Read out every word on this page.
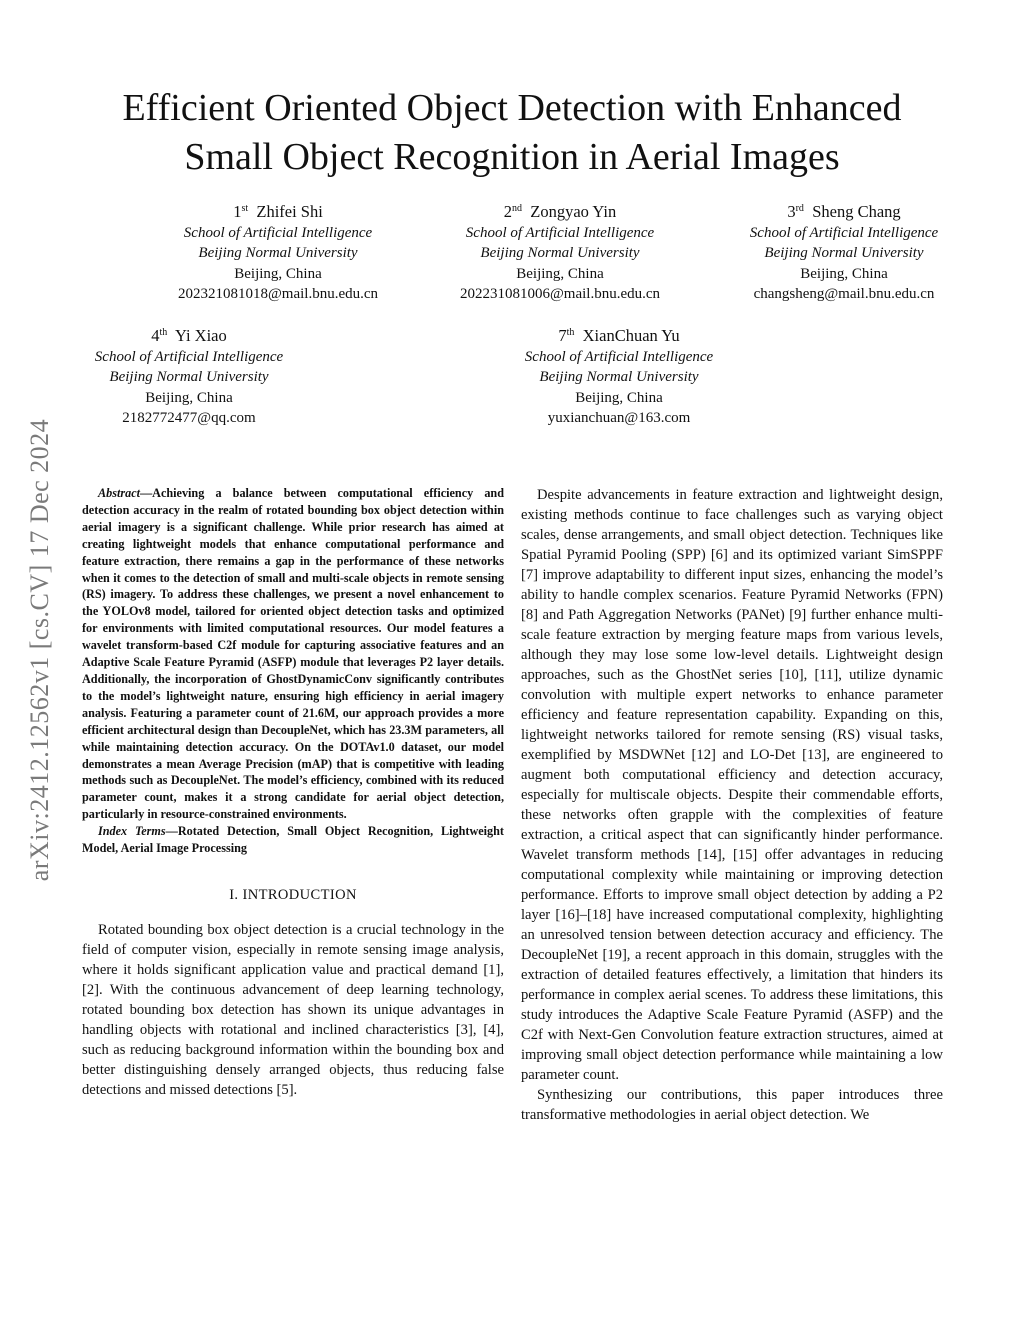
arXiv:2412.12562v1 [cs.CV] 17 Dec 2024
Efficient Oriented Object Detection with Enhanced
Small Object Recognition in Aerial Images
1st Zhifei Shi
School of Artificial Intelligence
Beijing Normal University
Beijing, China
202321081018@mail.bnu.edu.cn
2nd Zongyao Yin
School of Artificial Intelligence
Beijing Normal University
Beijing, China
202231081006@mail.bnu.edu.cn
3rd Sheng Chang
School of Artificial Intelligence
Beijing Normal University
Beijing, China
changsheng@mail.bnu.edu.cn
4th Yi Xiao
School of Artificial Intelligence
Beijing Normal University
Beijing, China
2182772477@qq.com
7th XianChuan Yu
School of Artificial Intelligence
Beijing Normal University
Beijing, China
yuxianchuan@163.com

Abstract—Achieving a balance between computational efficiency and detection accuracy in the realm of rotated bounding box object detection within aerial imagery is a significant challenge. While prior research has aimed at creating lightweight models that enhance computational performance and feature extraction, there remains a gap in the performance of these networks when it comes to the detection of small and multi-scale objects in remote sensing (RS) imagery. To address these challenges, we present a novel enhancement to the YOLOv8 model, tailored for oriented object detection tasks and optimized for environments with limited computational resources. Our model features a wavelet transform-based C2f module for capturing associative features and an Adaptive Scale Feature Pyramid (ASFP) module that leverages P2 layer details. Additionally, the incorporation of GhostDynamicConv significantly contributes to the model’s lightweight nature, ensuring high efficiency in aerial imagery analysis. Featuring a parameter count of 21.6M, our approach provides a more efficient architectural design than DecoupleNet, which has 23.3M parameters, all while maintaining detection accuracy. On the DOTAv1.0 dataset, our model demonstrates a mean Average Precision (mAP) that is competitive with leading methods such as DecoupleNet. The model’s efficiency, combined with its reduced parameter count, makes it a strong candidate for aerial object detection, particularly in resource-constrained environments.

Index Terms—Rotated Detection, Small Object Recognition, Lightweight Model, Aerial Image Processing
I. INTRODUCTION

Rotated bounding box object detection is a crucial technology in the field of computer vision, especially in remote sensing image analysis, where it holds significant application value and practical demand [1], [2]. With the continuous advancement of deep learning technology, rotated bounding box detection has shown its unique advantages in handling objects with rotational and inclined characteristics [3], [4], such as reducing background information within the bounding box and better distinguishing densely arranged objects, thus reducing false detections and missed detections [5].

Despite advancements in feature extraction and lightweight design, existing methods continue to face challenges such as varying object scales, dense arrangements, and small object detection. Techniques like Spatial Pyramid Pooling (SPP) [6] and its optimized variant SimSPPF [7] improve adaptability to different input sizes, enhancing the model’s ability to handle complex scenarios. Feature Pyramid Networks (FPN) [8] and Path Aggregation Networks (PANet) [9] further enhance multi-scale feature extraction by merging feature maps from various levels, although they may lose some low-level details. Lightweight design approaches, such as the GhostNet series [10], [11], utilize dynamic convolution with multiple expert networks to enhance parameter efficiency and feature representation capability. Expanding on this, lightweight networks tailored for remote sensing (RS) visual tasks, exemplified by MSDWNet [12] and LO-Det [13], are engineered to augment both computational efficiency and detection accuracy, especially for multiscale objects. Despite their commendable efforts, these networks often grapple with the complexities of feature extraction, a critical aspect that can significantly hinder performance. Wavelet transform methods [14], [15] offer advantages in reducing computational complexity while maintaining or improving detection performance. Efforts to improve small object detection by adding a P2 layer [16]–[18] have increased computational complexity, highlighting an unresolved tension between detection accuracy and efficiency. The DecoupleNet [19], a recent approach in this domain, struggles with the extraction of detailed features effectively, a limitation that hinders its performance in complex aerial scenes. To address these limitations, this study introduces the Adaptive Scale Feature Pyramid (ASFP) and the C2f with Next-Gen Convolution feature extraction structures, aimed at improving small object detection performance while maintaining a low parameter count.

Synthesizing our contributions, this paper introduces three transformative methodologies in aerial object detection. We
